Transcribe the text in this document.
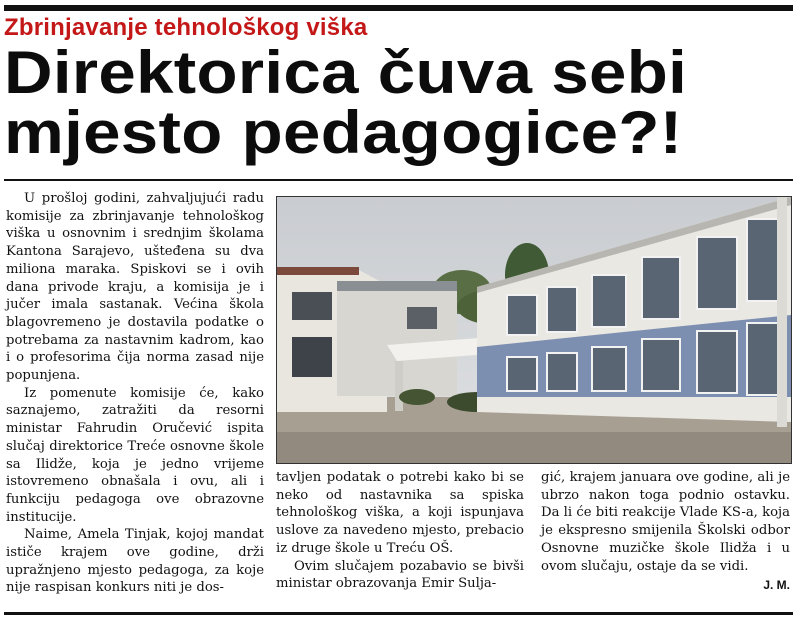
Zbrinjavanje tehnološkog viška
Direktorica čuva sebi
mjesto pedagogice?!

U prošloj godini, zahvaljujući radu komisije za zbrinjavanje tehnološkog viška u osnovnim i srednjim školama Kantona Sarajevo, uštеđena su dva miliona maraka. Spiskovi se i ovih dana privode kraju, a komisija je i jučer imala sastanak. Većina škola blagovremeno je dostavila podatke o potrebama za nastavnim kadrom, kao i o profesorima čija norma zasad nije popunjena.

Iz pomenute komisije će, kako saznajemo, zatražiti da resorni ministar Fahrudin Oručević ispita slučaj direktorice Treće osnovne škole sa Ilidže, koja je jedno vrijeme istovremeno obnašala i ovu, ali i funkciju pedagoga ove obrazovne institucije.

Naime, Amela Tinjak, kojoj mandat ističe krajem ove godine, drži upražnjeno mjesto pedagoga, za koje nije raspisan konkurs niti je dos-

tavljen podatak o potrebi kako bi se neko od nastavnika sa spiska tehnološkog viška, a koji ispunjava uslove za navedeno mjesto, prebacio iz druge škole u Treću OŠ.

Ovim slučajem pozabavio se bivši ministar obrazovanja Emir Sulja-

gić, krajem januara ove godine, ali je ubrzo nakon toga podnio ostavku. Da li će biti reakcije Vlade KS-a, koja je ekspresno smijenila Školski odbor Osnovne muzičke škole Ilidža i u ovom slučaju, ostaje da se vidi.

J. M.
